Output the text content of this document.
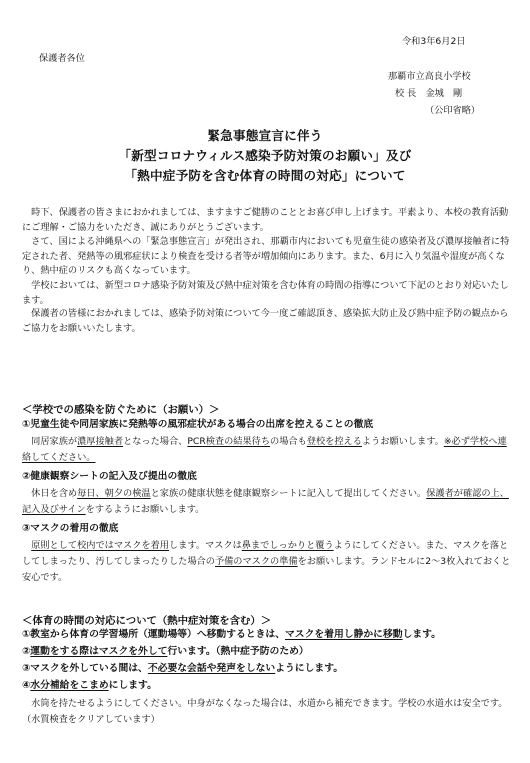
令和3年6月2日
保護者各位
那覇市立高良小学校
校 長　金城　剛
（公印省略）
緊急事態宣言に伴う
「新型コロナウィルス感染予防対策のお願い」及び
「熱中症予防を含む体育の時間の対応」について
　時下、保護者の皆さまにおかれましては、ますますご健勝のこととお喜び申し上げます。平素より、本校の教育活動にご理解・ご協力をいただき、誠にありがとうございます。
　さて、国による沖縄県への「緊急事態宣言」が発出され、那覇市内においても児童生徒の感染者及び濃厚接触者に特定された者、発熱等の風邪症状により検査を受ける者等が増加傾向にあります。また、6月に入り気温や湿度が高くなり、熱中症のリスクも高くなっています。
　学校においては、新型コロナ感染予防対策及び熱中症対策を含む体育の時間の指導について下記のとおり対応いたします。
　保護者の皆様におかれましては、感染予防対策について今一度ご確認頂き、感染拡大防止及び熱中症予防の観点からご協力をお願いいたします。
＜学校での感染を防ぐために（お願い）＞
①児童生徒や同居家族に発熱等の風邪症状がある場合の出席を控えることの徹底
　同居家族が濃厚接触者となった場合、PCR検査の結果待ちの場合も登校を控えるようお願いします。※必ず学校へ連絡してください。
②健康観察シートの記入及び提出の徹底
　休日を含め毎日、朝夕の検温と家族の健康状態を健康観察シートに記入して提出してください。保護者が確認の上、記入及びサインをするようにお願いします。
③マスクの着用の徹底
　原則として校内ではマスクを着用します。マスクは鼻までしっかりと覆うようにしてください。また、マスクを落としてしまったり、汚してしまったりした場合の予備のマスクの準備をお願いします。ランドセルに2～3枚入れておくと安心です。
＜体育の時間の対応について（熱中症対策を含む）＞
①教室から体育の学習場所（運動場等）へ移動するときは、マスクを着用し静かに移動します。
②運動をする際はマスクを外して行います。（熱中症予防のため）
③マスクを外している間は、不必要な会話や発声をしないようにします。
④水分補給をこまめにします。
　水筒を持たせるようにしてください。中身がなくなった場合は、水道から補充できます。学校の水道水は安全です。（水質検査をクリアしています）
